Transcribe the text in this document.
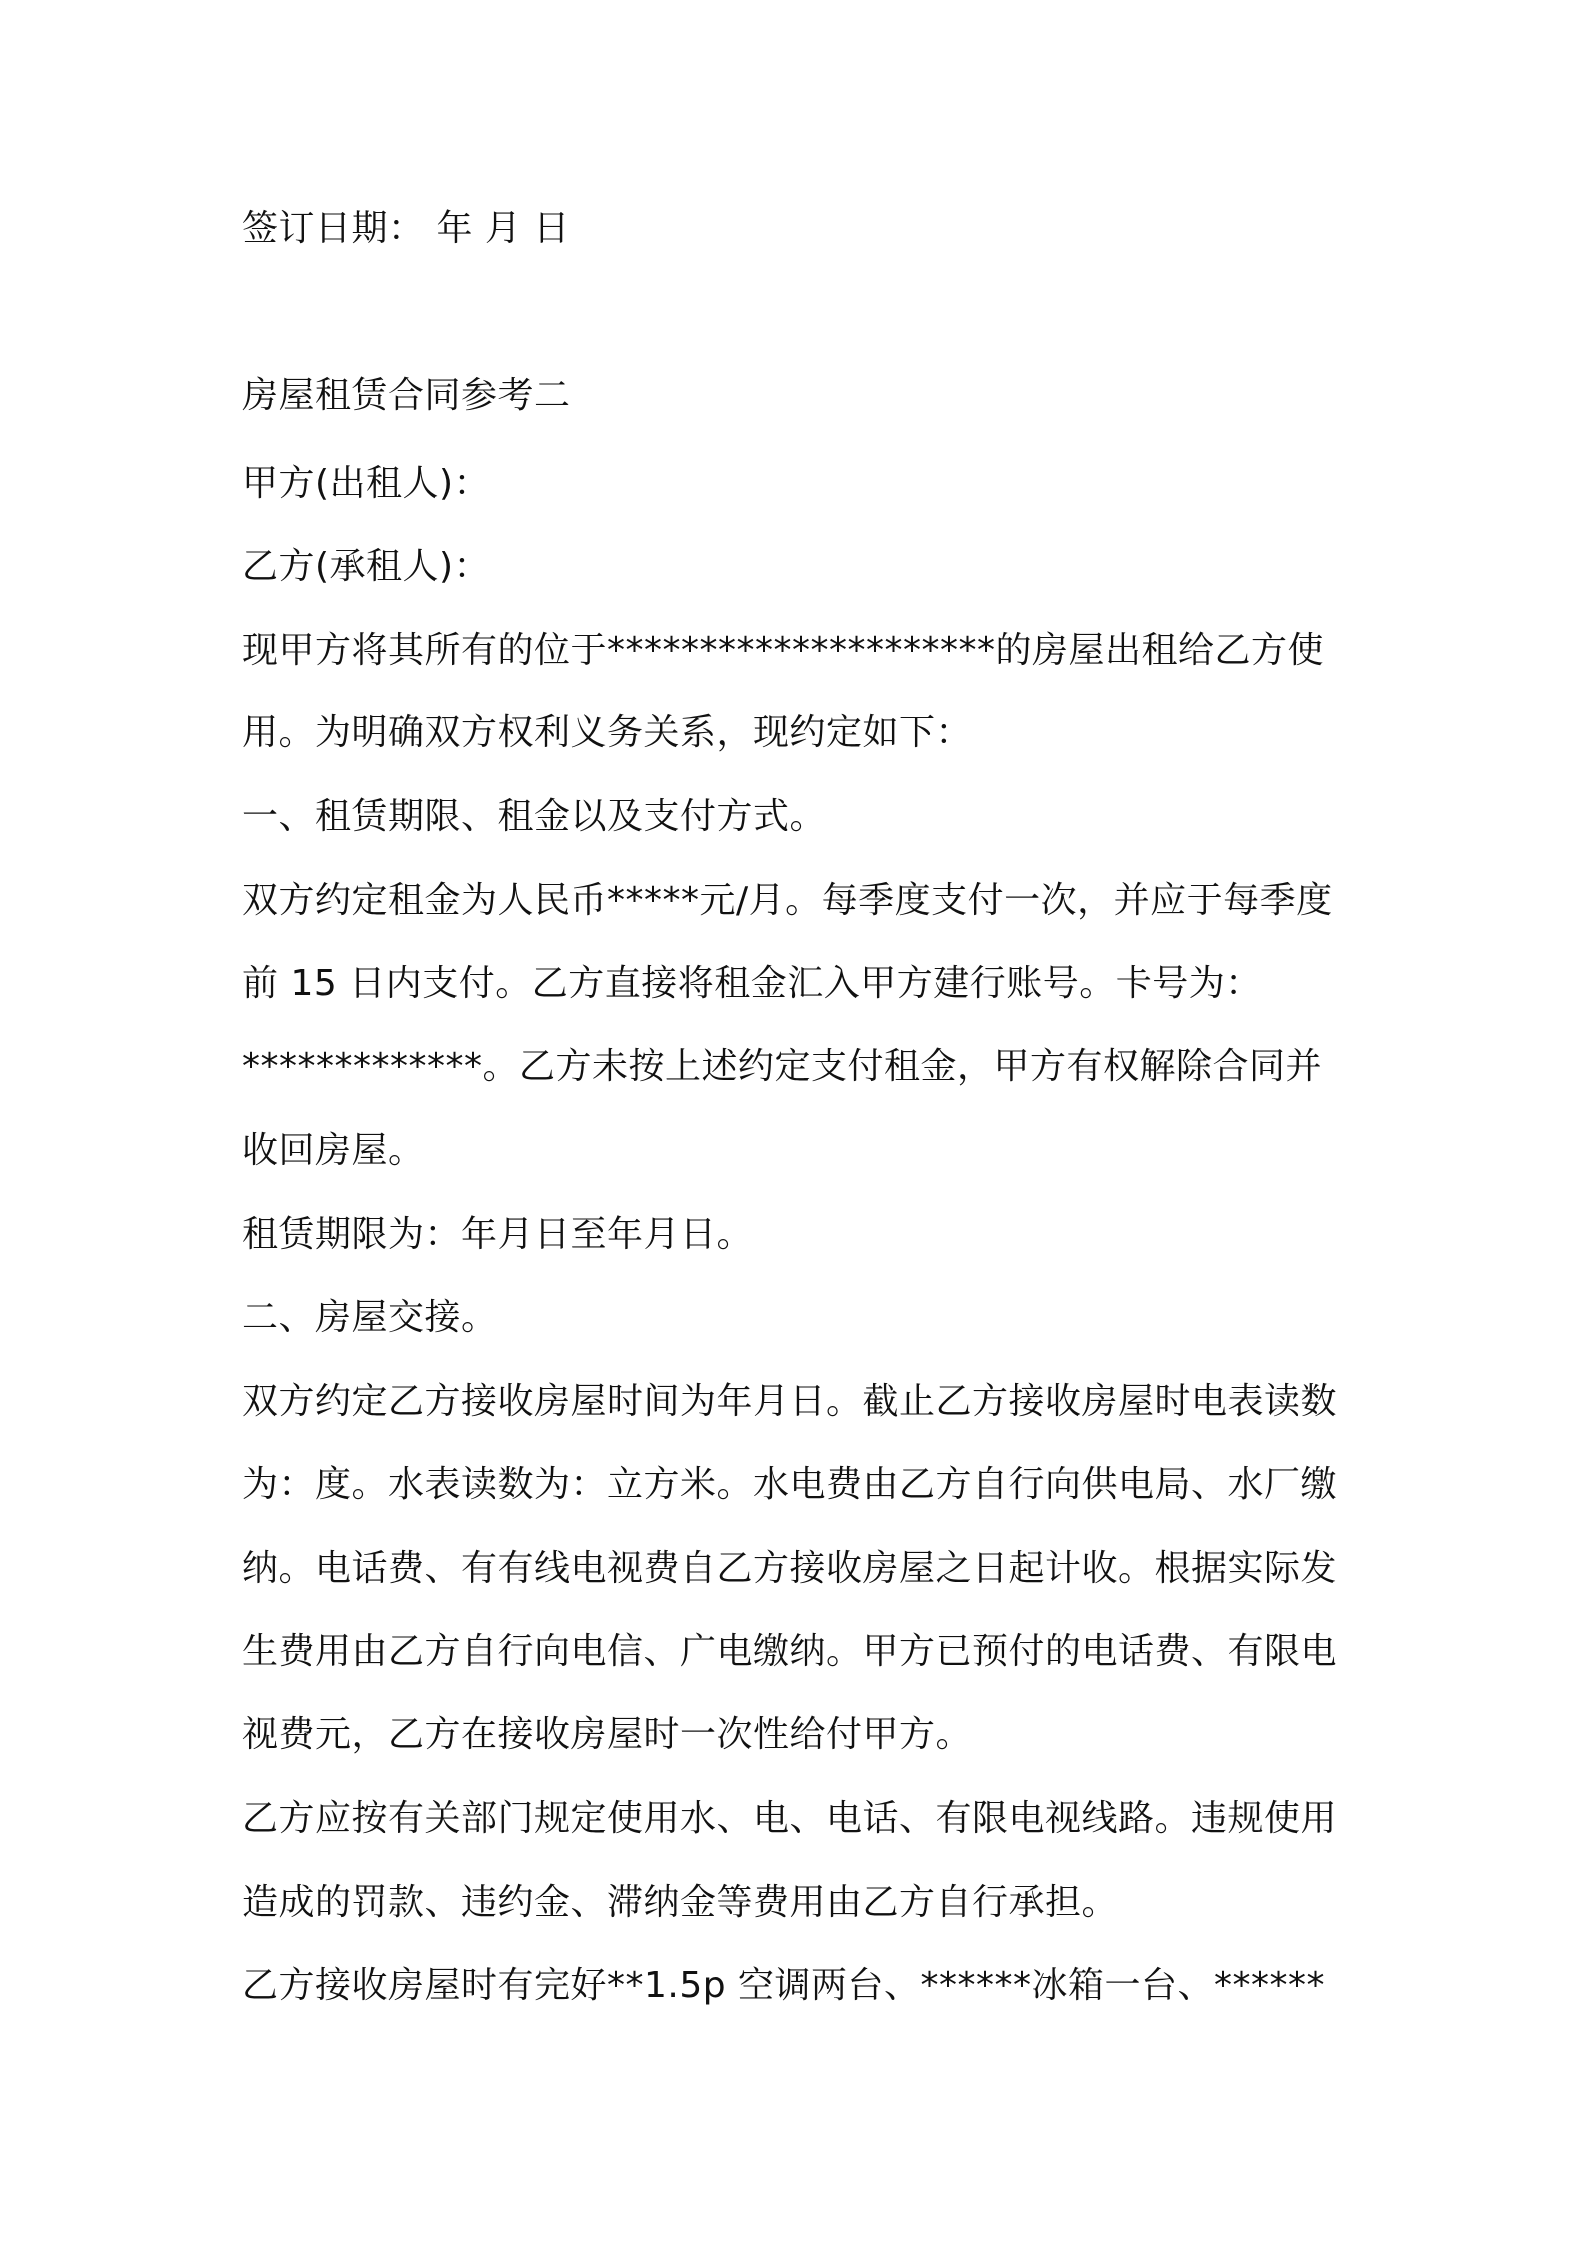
签订日期： 年 月 日
房屋租赁合同参考二
甲方(出租人)：
乙方(承租人)：
现甲方将其所有的位于*********************的房屋出租给乙方使
用。为明确双方权利义务关系，现约定如下：
一、租赁期限、租金以及支付方式。
双方约定租金为人民币*****元/月。每季度支付一次，并应于每季度
前 15 日内支付。乙方直接将租金汇入甲方建行账号。卡号为：
*************。乙方未按上述约定支付租金，甲方有权解除合同并
收回房屋。
租赁期限为：年月日至年月日。
二、房屋交接。
双方约定乙方接收房屋时间为年月日。截止乙方接收房屋时电表读数
为：度。水表读数为：立方米。水电费由乙方自行向供电局、水厂缴
纳。电话费、有有线电视费自乙方接收房屋之日起计收。根据实际发
生费用由乙方自行向电信、广电缴纳。甲方已预付的电话费、有限电
视费元，乙方在接收房屋时一次性给付甲方。
乙方应按有关部门规定使用水、电、电话、有限电视线路。违规使用
造成的罚款、违约金、滞纳金等费用由乙方自行承担。
乙方接收房屋时有完好**1.5p 空调两台、******冰箱一台、******
